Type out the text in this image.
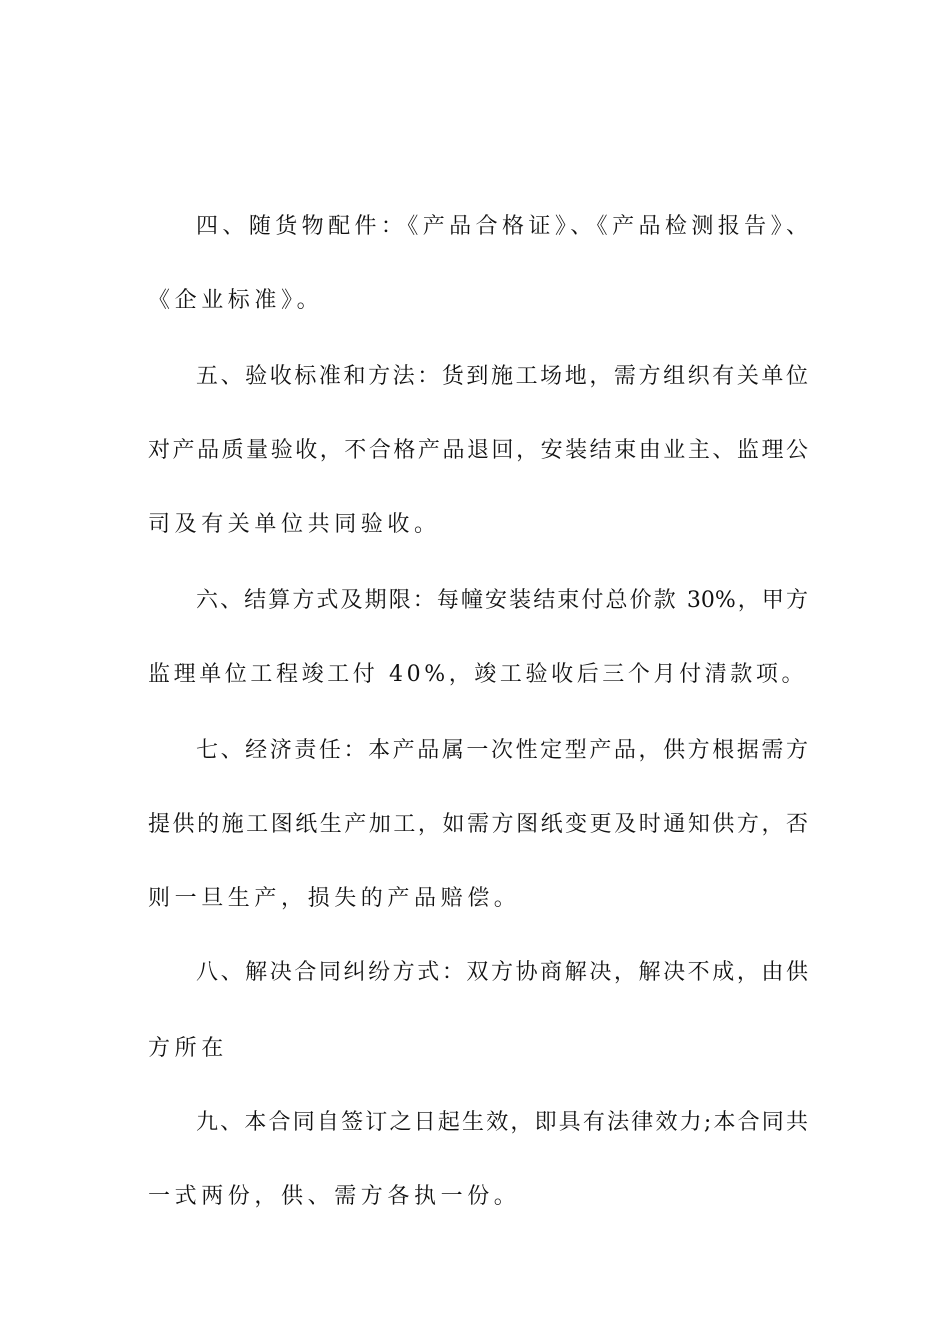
四、随货物配件：《产品合格证》、《产品检测报告》、
《企业标准》。
五、验收标准和方法：货到施工场地，需方组织有关单位
对产品质量验收，不合格产品退回，安装结束由业主、监理公
司及有关单位共同验收。
六、结算方式及期限：每幢安装结束付总价款 30%，甲方
监理单位工程竣工付 40%，竣工验收后三个月付清款项。
七、经济责任：本产品属一次性定型产品，供方根据需方
提供的施工图纸生产加工，如需方图纸变更及时通知供方，否
则一旦生产，损失的产品赔偿。
八、解决合同纠纷方式：双方协商解决，解决不成，由供
方所在
九、本合同自签订之日起生效，即具有法律效力;本合同共
一式两份，供、需方各执一份。
